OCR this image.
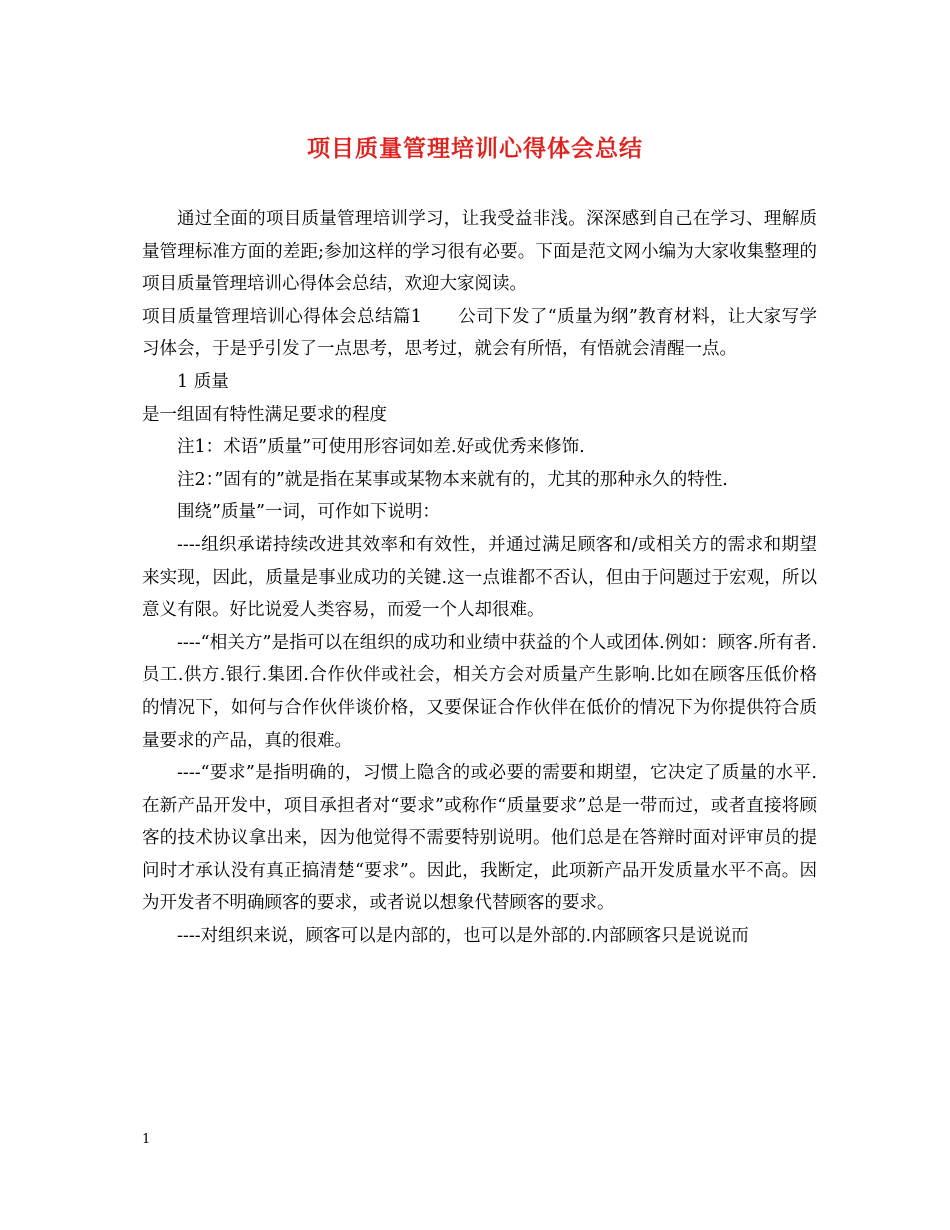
项目质量管理培训心得体会总结

通过全面的项目质量管理培训学习，让我受益非浅。深深感到自己在学习、理解质量管理标准方面的差距;参加这样的学习很有必要。下面是范文网小编为大家收集整理的项目质量管理培训心得体会总结，欢迎大家阅读。

项目质量管理培训心得体会总结篇1　　公司下发了“质量为纲”教育材料，让大家写学习体会，于是乎引发了一点思考，思考过，就会有所悟，有悟就会清醒一点。

1 质量

是一组固有特性满足要求的程度

注1：术语”质量”可使用形容词如差.好或优秀来修饰.

注2：”固有的”就是指在某事或某物本来就有的，尤其的那种永久的特性.

围绕”质量”一词，可作如下说明：

----组织承诺持续改进其效率和有效性，并通过满足顾客和/或相关方的需求和期望来实现，因此，质量是事业成功的关键.这一点谁都不否认，但由于问题过于宏观，所以意义有限。好比说爱人类容易，而爱一个人却很难。

----“相关方”是指可以在组织的成功和业绩中获益的个人或团体.例如：顾客.所有者.员工.供方.银行.集团.合作伙伴或社会，相关方会对质量产生影响.比如在顾客压低价格的情况下，如何与合作伙伴谈价格，又要保证合作伙伴在低价的情况下为你提供符合质量要求的产品，真的很难。

----“要求”是指明确的，习惯上隐含的或必要的需要和期望，它决定了质量的水平.在新产品开发中，项目承担者对“要求”或称作“质量要求”总是一带而过，或者直接将顾客的技术协议拿出来，因为他觉得不需要特别说明。他们总是在答辩时面对评审员的提问时才承认没有真正搞清楚“要求”。因此，我断定，此项新产品开发质量水平不高。因为开发者不明确顾客的要求，或者说以想象代替顾客的要求。

----对组织来说，顾客可以是内部的，也可以是外部的.内部顾客只是说说而

1
